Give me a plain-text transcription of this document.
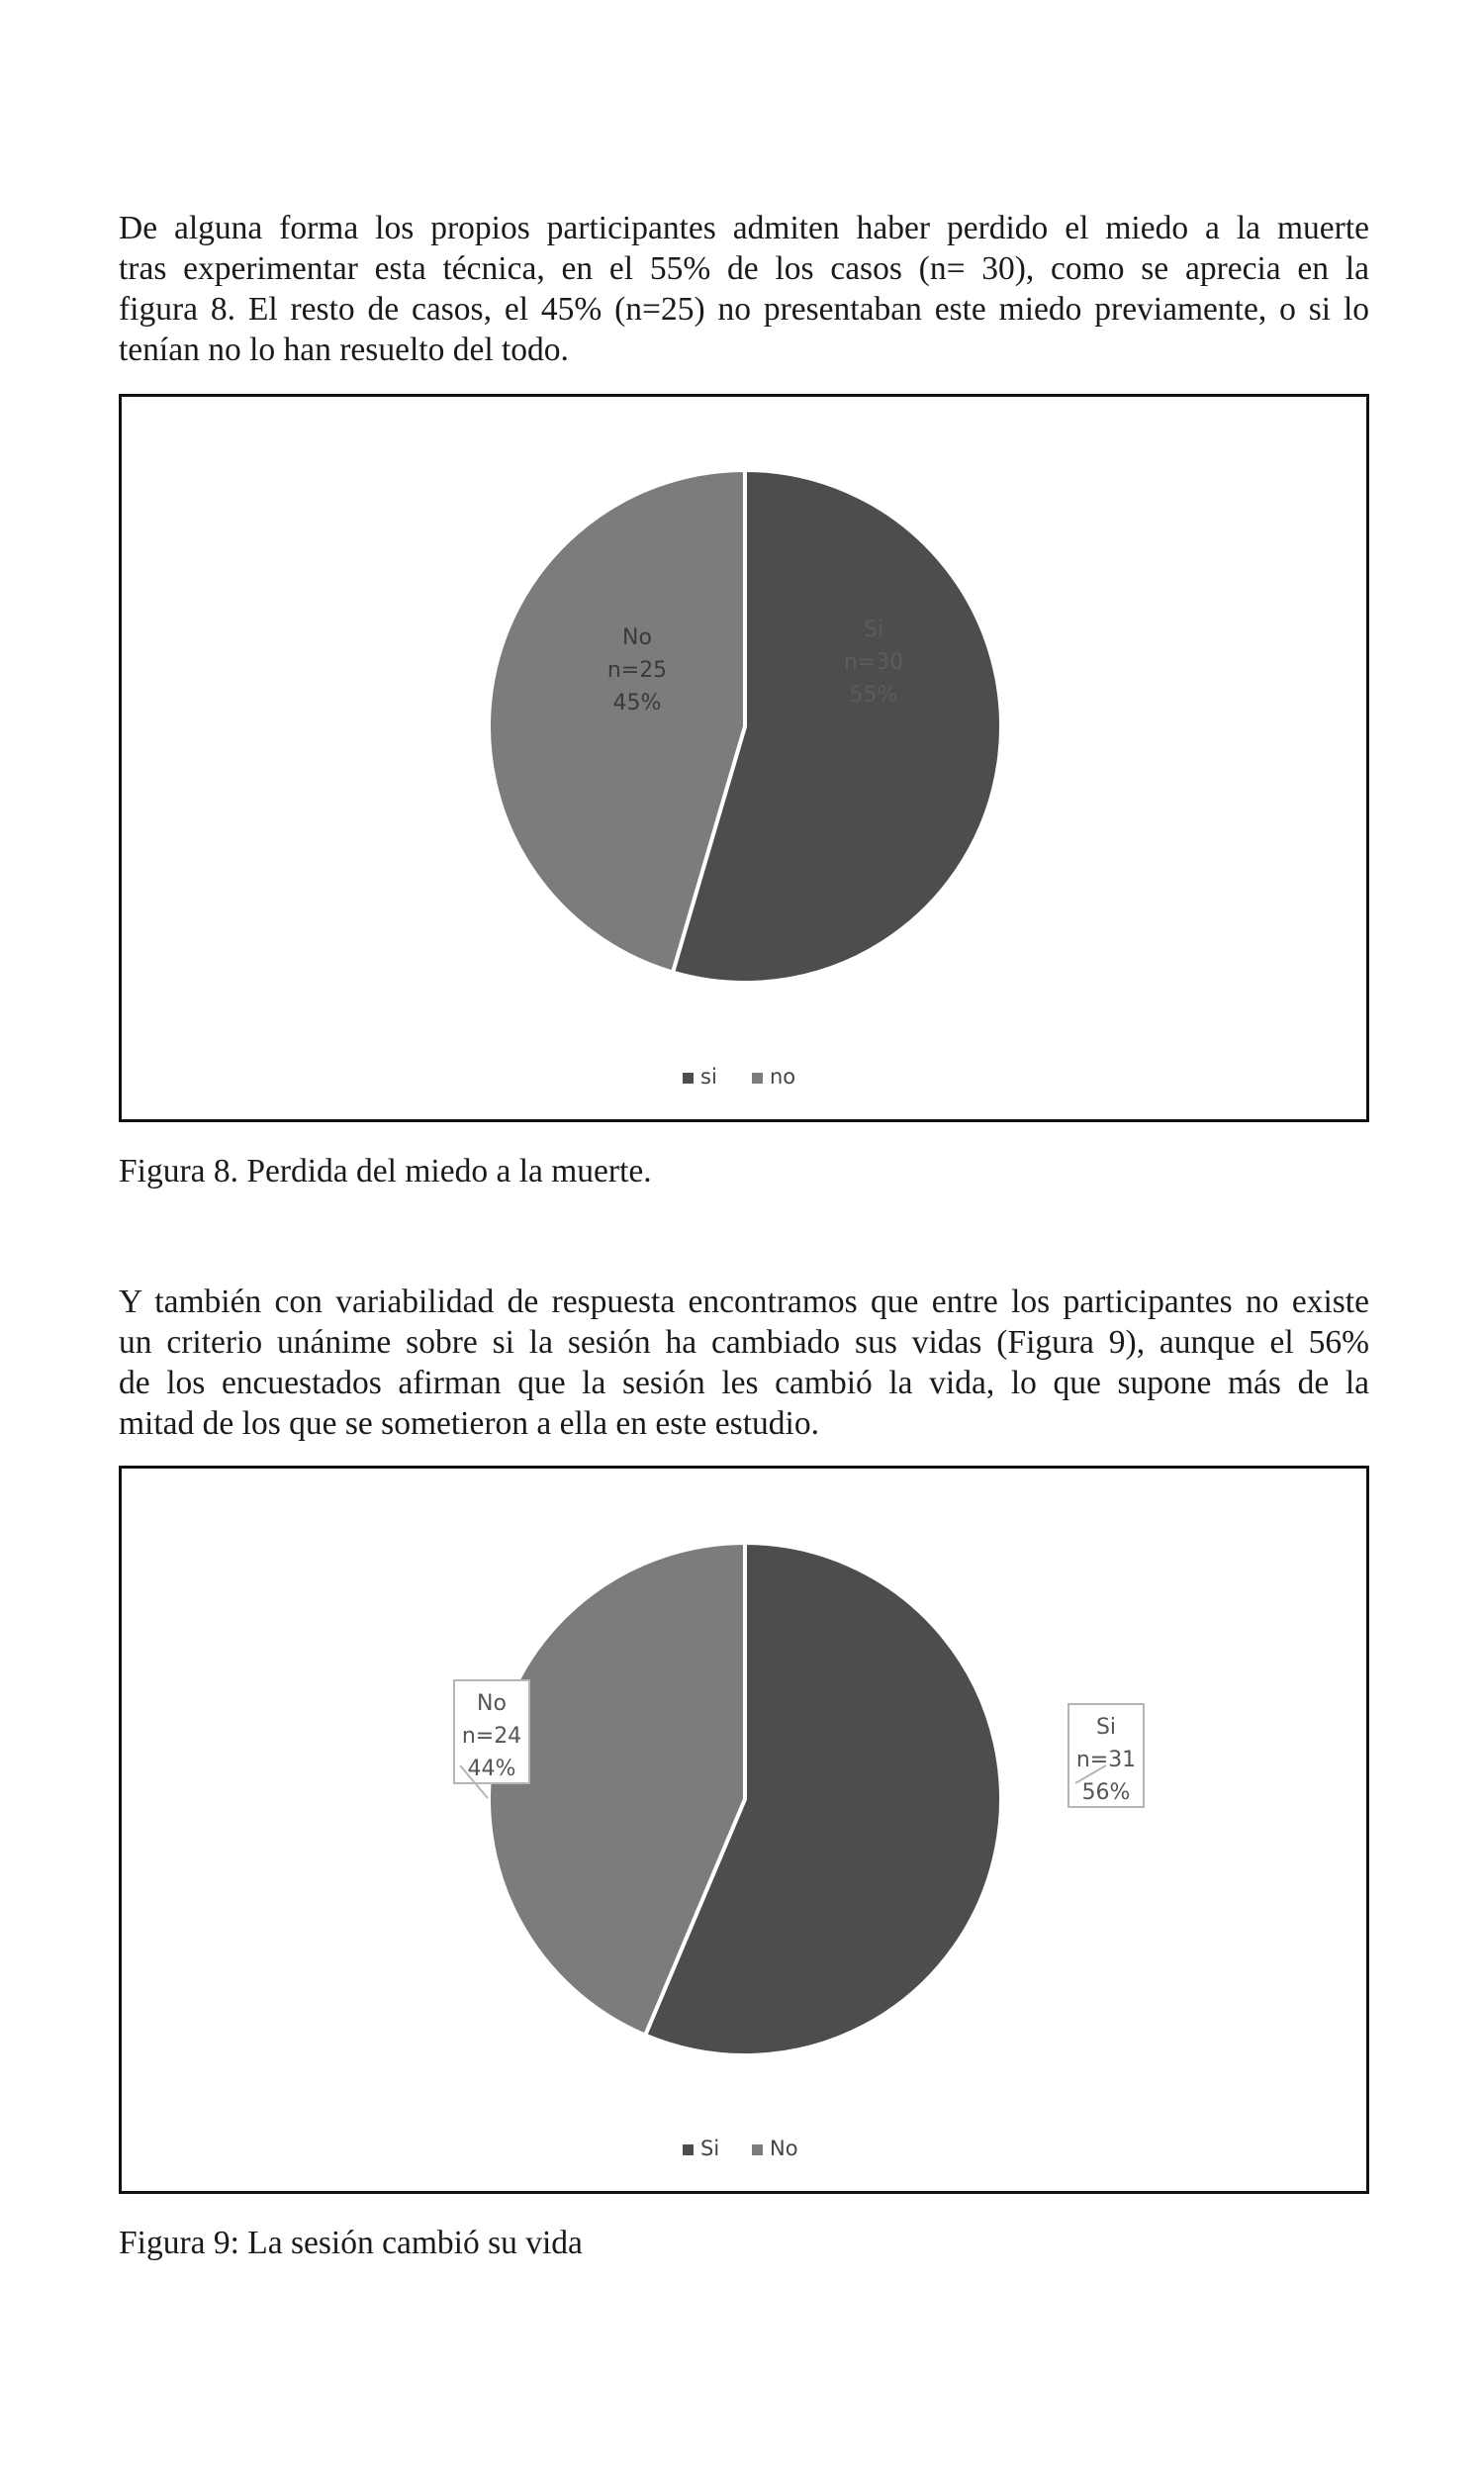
De alguna forma los propios participantes admiten haber perdido el miedo a la muerte
tras experimentar esta técnica, en el 55% de los casos (n= 30), como se aprecia en la
figura 8. El resto de casos, el 45% (n=25) no presentaban este miedo previamente, o si lo
tenían no lo han resuelto del todo.
Si
n=30
55%
No
n=25
45%
si	no

Figura 8. Perdida del miedo a la muerte.

Y también con variabilidad de respuesta encontramos que entre los participantes no existe
un criterio unánime sobre si la sesión ha cambiado sus vidas (Figura 9), aunque el 56%
de los encuestados afirman que la sesión les cambió la vida, lo que supone más de la
mitad de los que se sometieron a ella en este estudio.
Si
n=31
56%
No
n=24
44%
Si No

Figura 9: La sesión cambió su vida
